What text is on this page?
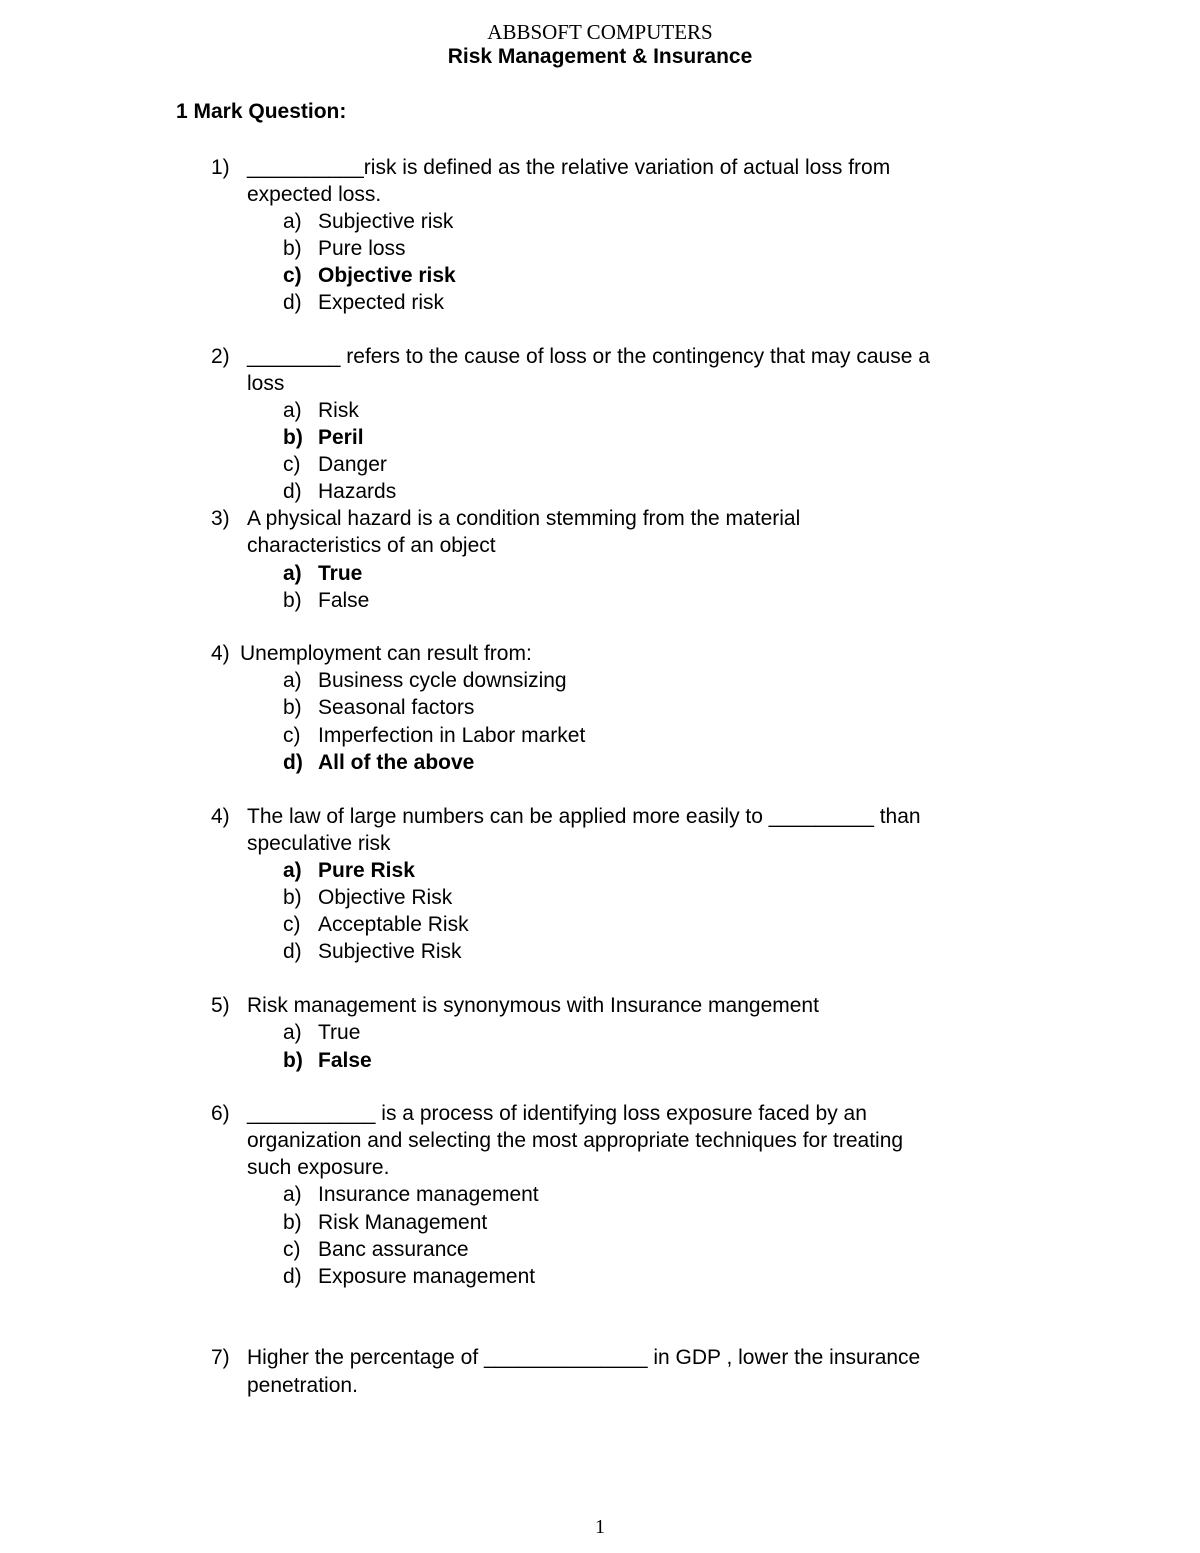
ABBSOFT COMPUTERS
Risk Management & Insurance
1 Mark Question:
1) __________risk is defined as the relative variation of actual loss from
expected loss.
a) Subjective risk
b) Pure loss
c) Objective risk
d) Expected risk
2) ________ refers to the cause of loss or the contingency that may cause a
loss
a) Risk
b) Peril
c) Danger
d) Hazards
3) A physical hazard is a condition stemming from the material
characteristics of an object
a) True
b) False
4) Unemployment can result from:
a) Business cycle downsizing
b) Seasonal factors
c) Imperfection in Labor market
d) All of the above
4) The law of large numbers can be applied more easily to _________ than
speculative risk
a) Pure Risk
b) Objective Risk
c) Acceptable Risk
d) Subjective Risk
5) Risk management is synonymous with Insurance mangement
a) True
b) False
6) ___________ is a process of identifying loss exposure faced by an
organization and selecting the most appropriate techniques for treating
such exposure.
a) Insurance management
b) Risk Management
c) Banc assurance
d) Exposure management
7) Higher the percentage of ______________ in GDP , lower the insurance
penetration.
1
